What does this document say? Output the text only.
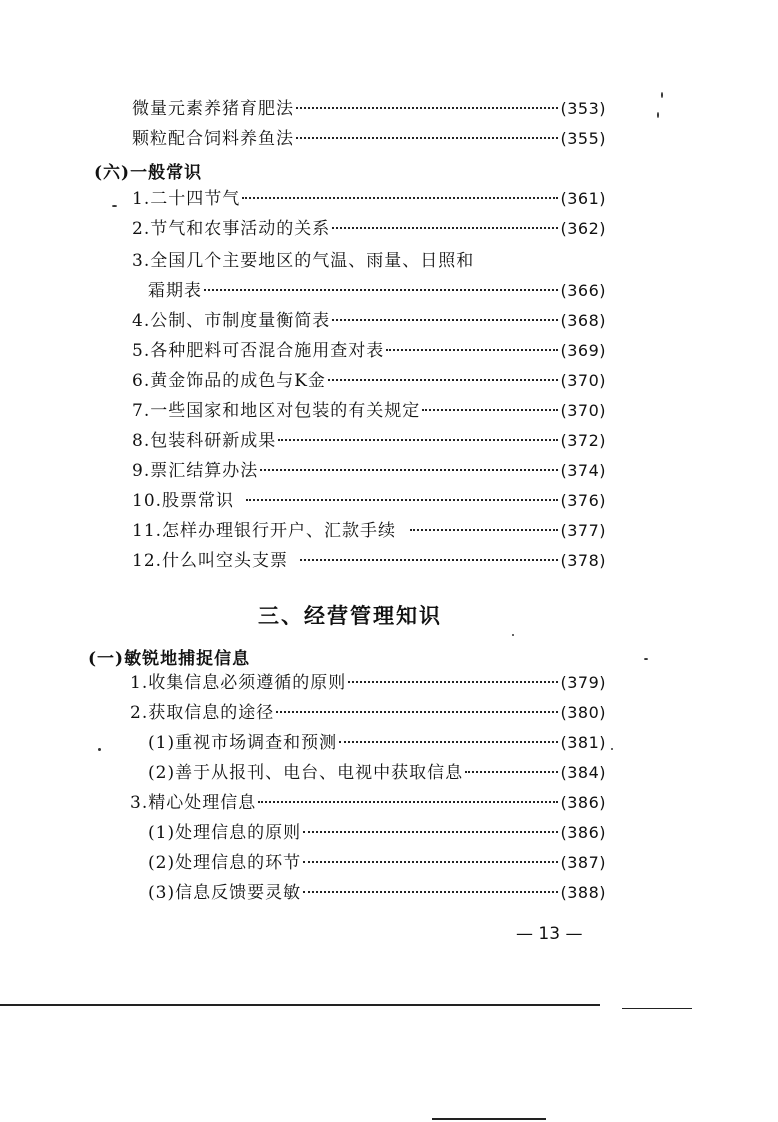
微量元素养猪育肥法	(353)
颗粒配合饲料养鱼法	(355)
(六)一般常识
1.二十四节气	(361)
2.节气和农事活动的关系	(362)
3.全国几个主要地区的气温、雨量、日照和
霜期表	(366)
4.公制、市制度量衡简表	(368)
5.各种肥料可否混合施用查对表	(369)
6.黄金饰品的成色与K金	(370)
7.一些国家和地区对包装的有关规定	(370)
8.包装科研新成果	(372)
9.票汇结算办法	(374)
10.股票常识	(376)
11.怎样办理银行开户、汇款手续	(377)
12.什么叫空头支票	(378)
三、经营管理知识
(一)敏锐地捕捉信息
1.收集信息必须遵循的原则	(379)
2.获取信息的途径	(380)
(1)重视市场调查和预测	(381)
(2)善于从报刊、电台、电视中获取信息	(384)
3.精心处理信息	(386)
(1)处理信息的原则	(386)
(2)处理信息的环节	(387)
(3)信息反馈要灵敏	(388)
— 13 —
